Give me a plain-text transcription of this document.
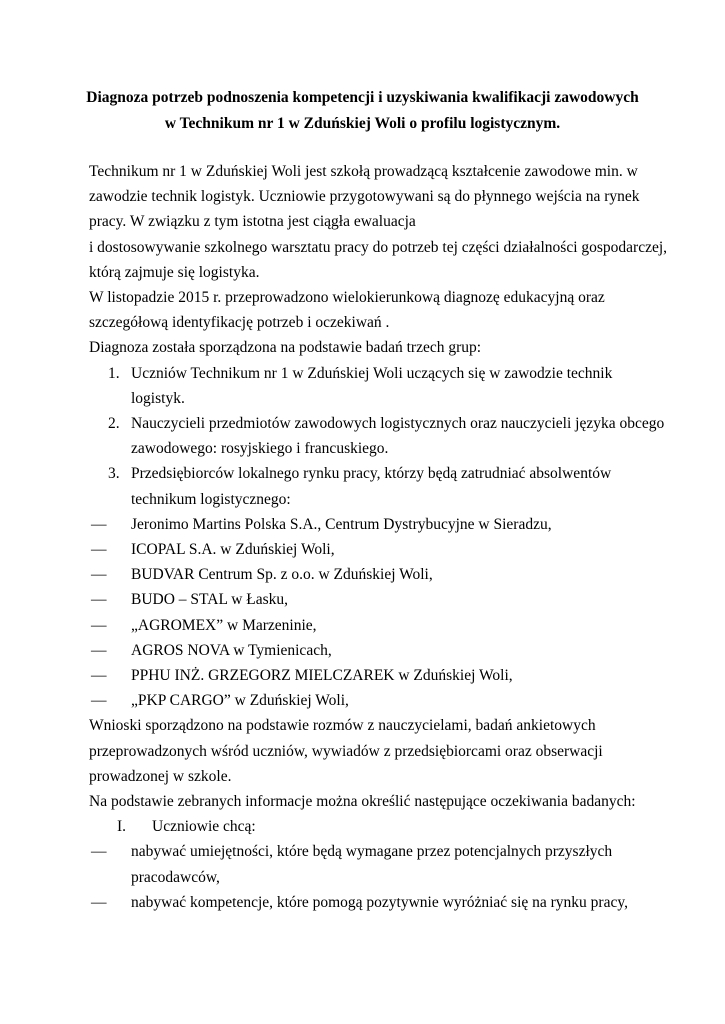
Diagnoza potrzeb podnoszenia kompetencji i uzyskiwania kwalifikacji zawodowych
w Technikum nr 1 w Zduńskiej Woli o profilu logistycznym.

Technikum nr 1 w Zduńskiej Woli jest szkołą prowadzącą kształcenie zawodowe min. w

zawodzie technik logistyk. Uczniowie przygotowywani są do płynnego wejścia na rynek

pracy. W związku z tym istotna jest ciągła ewaluacja

i dostosowywanie szkolnego warsztatu pracy do potrzeb tej części działalności gospodarczej,

którą zajmuje się logistyka.

W listopadzie 2015 r. przeprowadzono wielokierunkową diagnozę edukacyjną oraz

szczegółową identyfikację potrzeb i oczekiwań .

Diagnoza została sporządzona na podstawie badań trzech grup:

1. Uczniów Technikum nr 1 w Zduńskiej Woli uczących się w zawodzie technik
logistyk.
2. Nauczycieli przedmiotów zawodowych logistycznych oraz nauczycieli języka obcego
zawodowego: rosyjskiego i francuskiego.
3. Przedsiębiorców lokalnego rynku pracy, którzy będą zatrudniać absolwentów
technikum logistycznego:
— Jeronimo Martins Polska S.A., Centrum Dystrybucyjne w Sieradzu,
— ICOPAL S.A. w Zduńskiej Woli,
— BUDVAR Centrum Sp. z o.o. w Zduńskiej Woli,
— BUDO – STAL w Łasku,
— „AGROMEX” w Marzeninie,
— AGROS NOVA w Tymienicach,
— PPHU INŻ. GRZEGORZ MIELCZAREK w Zduńskiej Woli,
— „PKP CARGO” w Zduńskiej Woli,

Wnioski sporządzono na podstawie rozmów z nauczycielami, badań ankietowych

przeprowadzonych wśród uczniów, wywiadów z przedsiębiorcami oraz obserwacji

prowadzonej w szkole.

Na podstawie zebranych informacje można określić następujące oczekiwania badanych:

I. Uczniowie chcą:
— nabywać umiejętności, które będą wymagane przez potencjalnych przyszłych
pracodawców,
— nabywać kompetencje, które pomogą pozytywnie wyróżniać się na rynku pracy,
